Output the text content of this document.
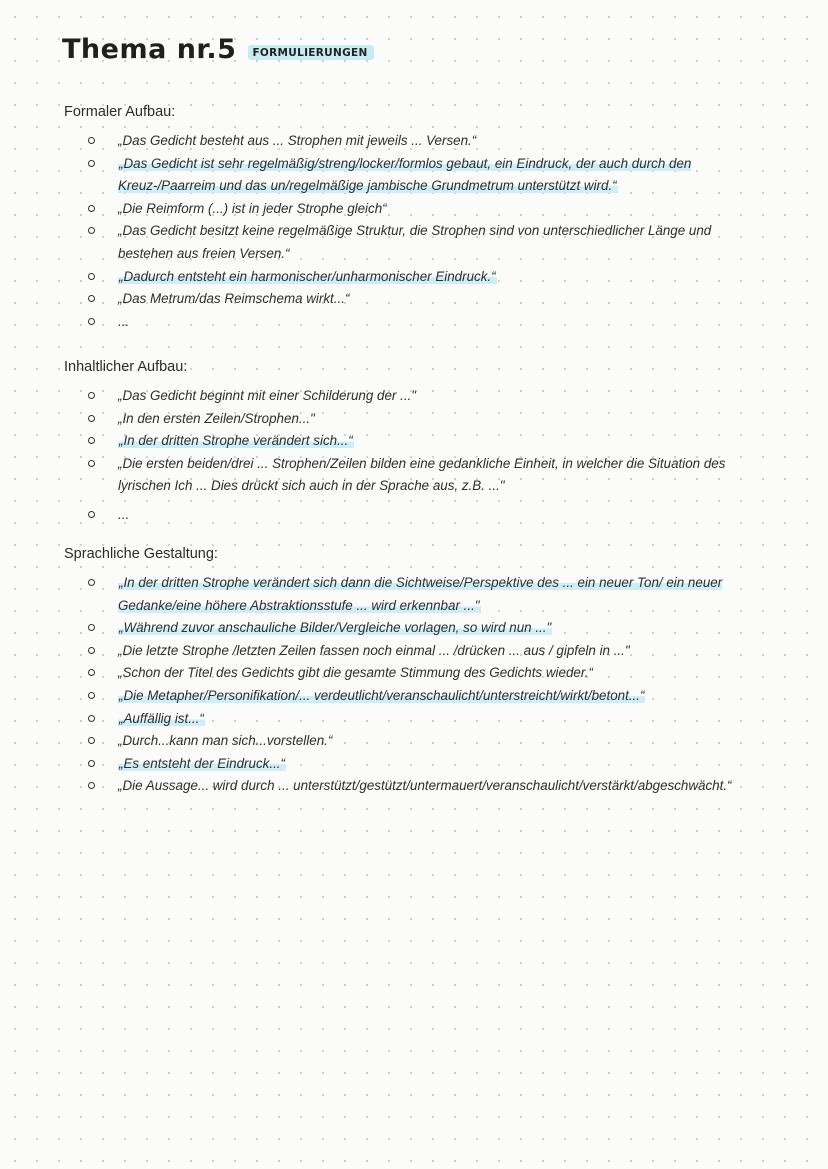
Thema nr.5	FORMULIERUNGEN
Formaler Aufbau:
„Das Gedicht besteht aus ... Strophen mit jeweils ... Versen.“
„Das Gedicht ist sehr regelmäßig/streng/locker/formlos gebaut, ein Eindruck, der auch durch den Kreuz-/Paarreim und das un/regelmäßige jambische Grundmetrum unterstützt wird.“
„Die Reimform (...) ist in jeder Strophe gleich“
„Das Gedicht besitzt keine regelmäßige Struktur, die Strophen sind von unterschiedlicher Länge und bestehen aus freien Versen.“
„Dadurch entsteht ein harmonischer/unharmonischer Eindruck.“
„Das Metrum/das Reimschema wirkt...“
...
Inhaltlicher Aufbau:
„Das Gedicht beginnt mit einer Schilderung der ..."
„In den ersten Zeilen/Strophen..."
„In der dritten Strophe verändert sich...“
„Die ersten beiden/drei ... Strophen/Zeilen bilden eine gedankliche Einheit, in welcher die Situation des lyrischen Ich ... Dies drückt sich auch in der Sprache aus, z.B. ..."
...
Sprachliche Gestaltung:
„In der dritten Strophe verändert sich dann die Sichtweise/Perspektive des ... ein neuer Ton/ ein neuer Gedanke/eine höhere Abstraktionsstufe ... wird erkennbar ..."
„Während zuvor anschauliche Bilder/Vergleiche vorlagen, so wird nun ..."
„Die letzte Strophe /letzten Zeilen fassen noch einmal ... /drücken ... aus / gipfeln in ..."
„Schon der Titel des Gedichts gibt die gesamte Stimmung des Gedichts wieder.“
„Die Metapher/Personifikation/... verdeutlicht/veranschaulicht/unterstreicht/wirkt/betont...“
„Auffällig ist...“
„Durch...kann man sich...vorstellen.“
„Es entsteht der Eindruck...“
„Die Aussage... wird durch ... unterstützt/gestützt/untermauert/veranschaulicht/verstärkt/abgeschwächt.“
